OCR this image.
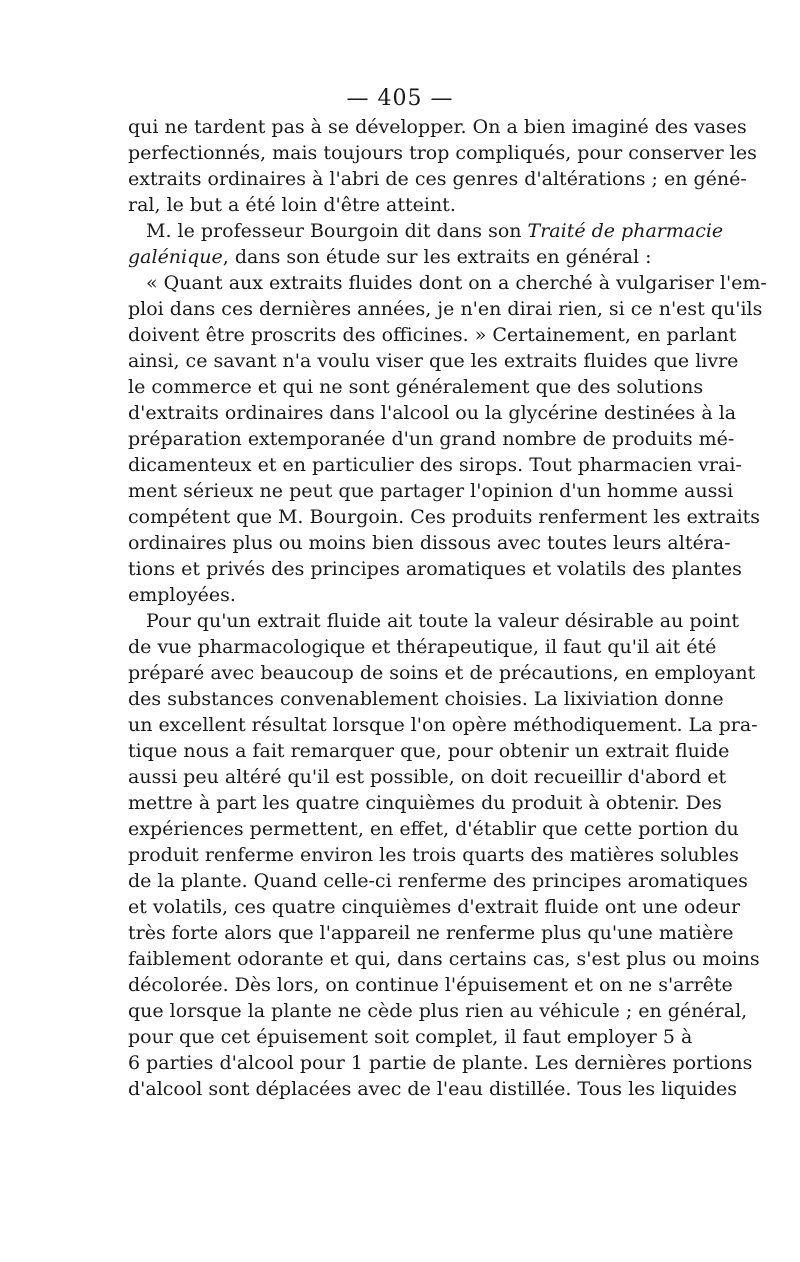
— 405 —
qui ne tardent pas à se développer. On a bien imaginé des vases
perfectionnés, mais toujours trop compliqués, pour conserver les
extraits ordinaires à l'abri de ces genres d'altérations ; en géné-
ral, le but a été loin d'être atteint.
M. le professeur Bourgoin dit dans son Traité de pharmacie
galénique, dans son étude sur les extraits en général :
« Quant aux extraits fluides dont on a cherché à vulgariser l'em-
ploi dans ces dernières années, je n'en dirai rien, si ce n'est qu'ils
doivent être proscrits des officines. » Certainement, en parlant
ainsi, ce savant n'a voulu viser que les extraits fluides que livre
le commerce et qui ne sont généralement que des solutions
d'extraits ordinaires dans l'alcool ou la glycérine destinées à la
préparation extemporanée d'un grand nombre de produits mé-
dicamenteux et en particulier des sirops. Tout pharmacien vrai-
ment sérieux ne peut que partager l'opinion d'un homme aussi
compétent que M. Bourgoin. Ces produits renferment les extraits
ordinaires plus ou moins bien dissous avec toutes leurs altéra-
tions et privés des principes aromatiques et volatils des plantes
employées.
Pour qu'un extrait fluide ait toute la valeur désirable au point
de vue pharmacologique et thérapeutique, il faut qu'il ait été
préparé avec beaucoup de soins et de précautions, en employant
des substances convenablement choisies. La lixiviation donne
un excellent résultat lorsque l'on opère méthodiquement. La pra-
tique nous a fait remarquer que, pour obtenir un extrait fluide
aussi peu altéré qu'il est possible, on doit recueillir d'abord et
mettre à part les quatre cinquièmes du produit à obtenir. Des
expériences permettent, en effet, d'établir que cette portion du
produit renferme environ les trois quarts des matières solubles
de la plante. Quand celle-ci renferme des principes aromatiques
et volatils, ces quatre cinquièmes d'extrait fluide ont une odeur
très forte alors que l'appareil ne renferme plus qu'une matière
faiblement odorante et qui, dans certains cas, s'est plus ou moins
décolorée. Dès lors, on continue l'épuisement et on ne s'arrête
que lorsque la plante ne cède plus rien au véhicule ; en général,
pour que cet épuisement soit complet, il faut employer 5 à
6 parties d'alcool pour 1 partie de plante. Les dernières portions
d'alcool sont déplacées avec de l'eau distillée. Tous les liquides
